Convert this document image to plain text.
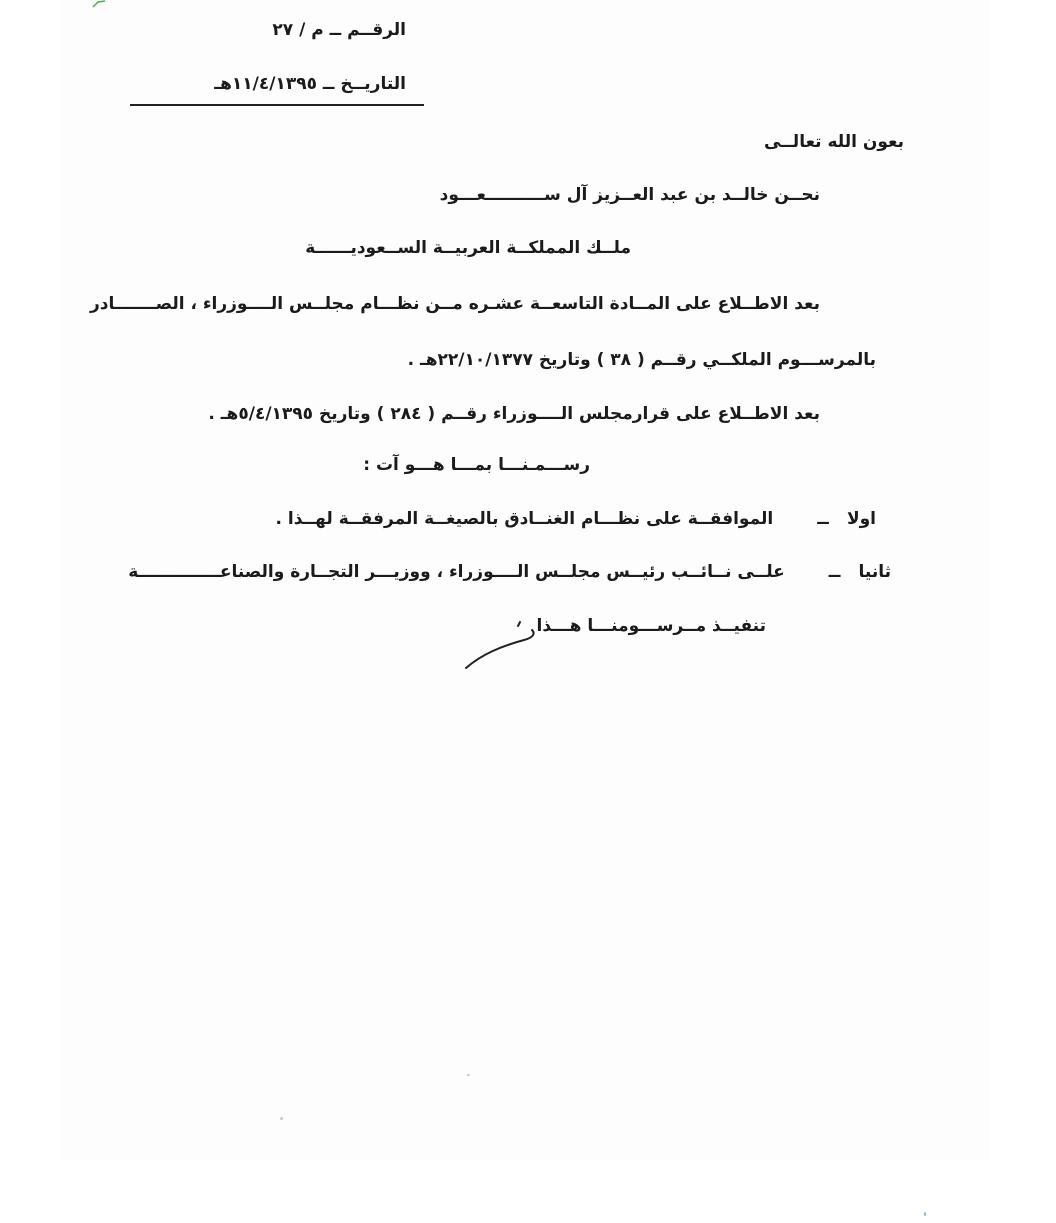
الرقــم ــ م / ٢٧
التاريــخ ــ ١١/٤/١٣٩٥هـ
بعون الله تعالــى
نحــن خالــد بن عبد العــزيز آل ســــــــــعـــود
ملــك المملكــة العربيــة الســعوديــــــة
بعد الاطــلاع على المــادة التاسعــة عشـره مــن نظـــام مجلــس الــــوزراء ، الصـــــــادر
بالمرســـوم الملكــي رقــم ( ٣٨ ) وتاريخ ٢٢/١٠/١٣٧٧هـ .
بعد الاطــلاع على قرارمجلس الــــوزراء رقــم ( ٢٨٤ ) وتاريخ ٥/٤/١٣٩٥هـ .
رســـمـنـــا بمـــا هـــو آت :
اولا ــ  الموافقــة على نظـــام الغنــادق بالصيغــة المرفقــة لهــذا .
ثانيا ــ  علــى نــائــب رئيــس مجلــس الــــوزراء ، ووزيـــر التجــارة والصناعــــــــــــــة
تنفيــذ مــرســـومنـــا هـــذا
